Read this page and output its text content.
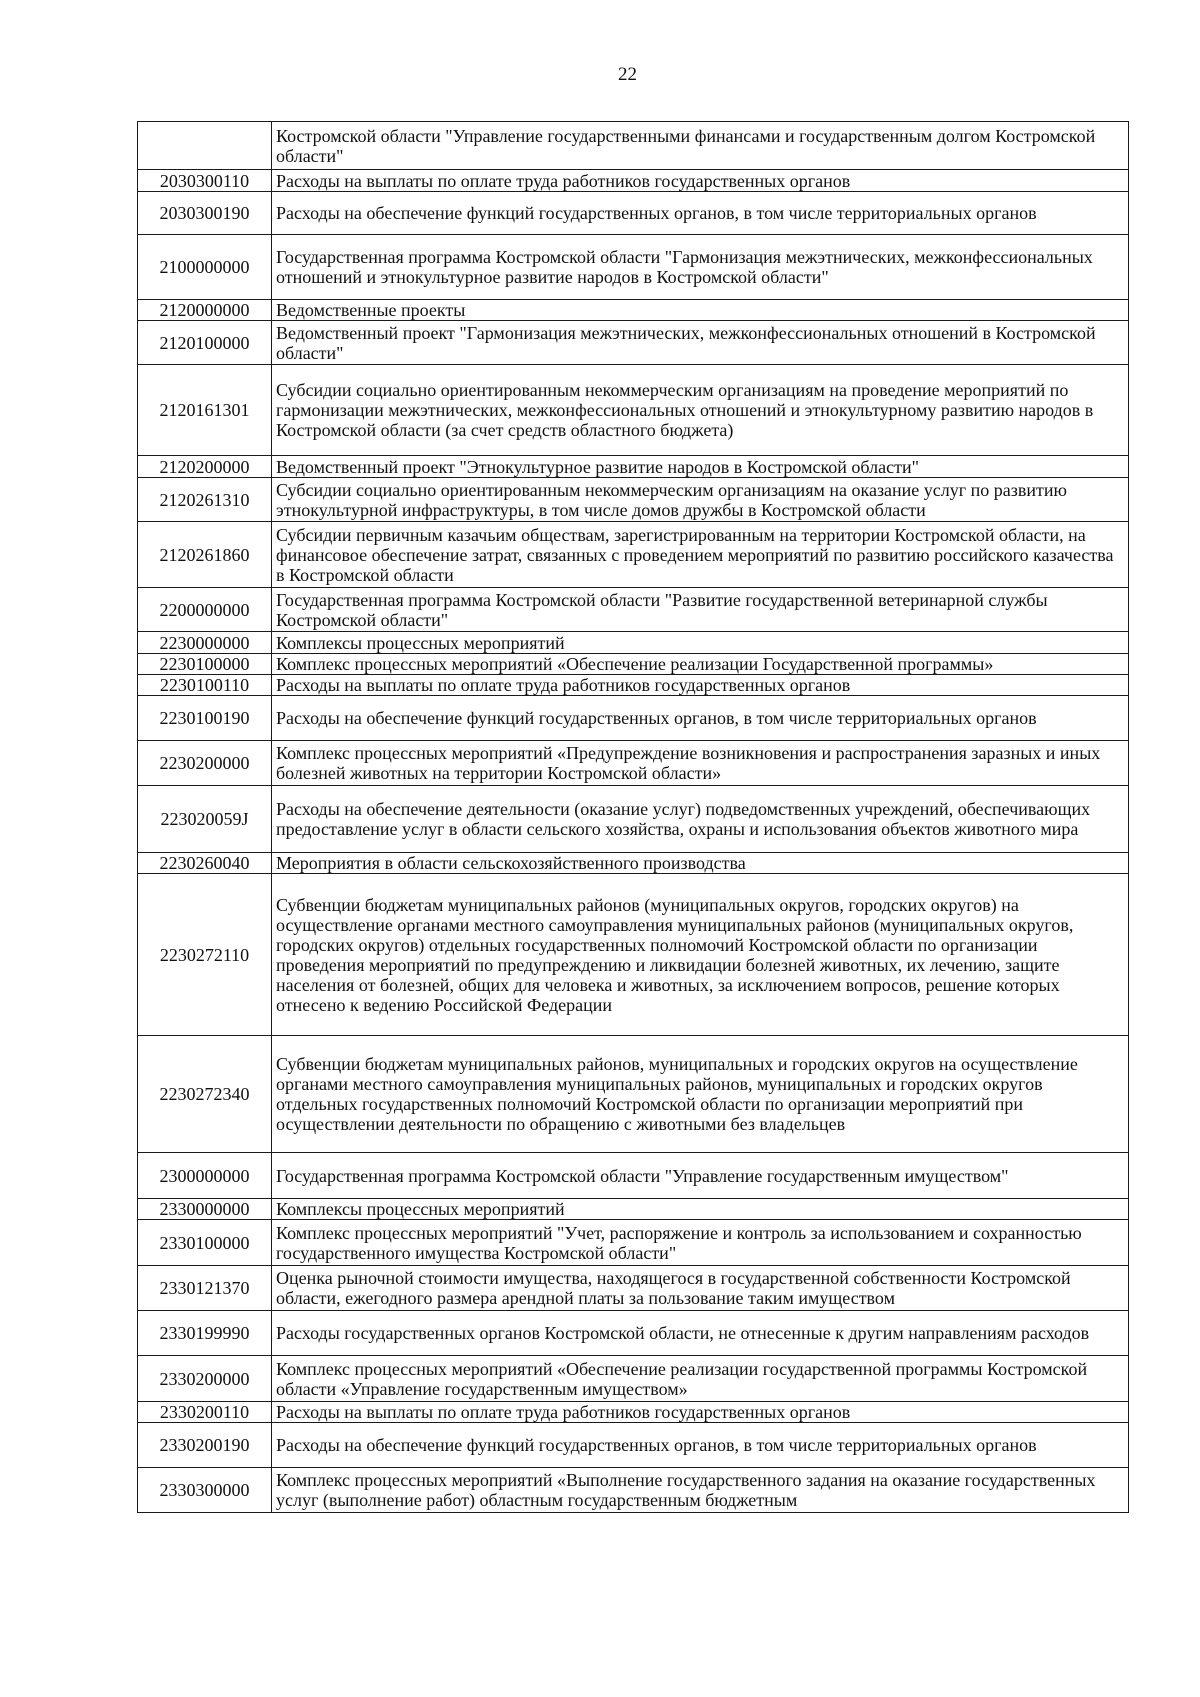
22
	Костромской области "Управление государственными финансами и государственным долгом Костромской области"
2030300110	Расходы на выплаты по оплате труда работников государственных органов
2030300190	Расходы на обеспечение функций государственных органов, в том числе территориальных органов
2100000000	Государственная программа Костромской области "Гармонизация межэтнических, межконфессиональных отношений и этнокультурное развитие народов в Костромской области"
2120000000	Ведомственные проекты
2120100000	Ведомственный проект "Гармонизация межэтнических, межконфессиональных отношений в Костромской области"
2120161301	Субсидии социально ориентированным некоммерческим организациям на проведение мероприятий по гармонизации межэтнических, межконфессиональных отношений и этнокультурному развитию народов в Костромской области (за счет средств областного бюджета)
2120200000	Ведомственный проект "Этнокультурное развитие народов в Костромской области"
2120261310	Субсидии социально ориентированным некоммерческим организациям на оказание услуг по развитию этнокультурной инфраструктуры, в том числе домов дружбы в Костромской области
2120261860	Субсидии первичным казачьим обществам, зарегистрированным на территории Костромской области, на финансовое обеспечение затрат, связанных с проведением мероприятий по развитию российского казачества в Костромской области
2200000000	Государственная программа Костромской области "Развитие государственной ветеринарной службы Костромской области"
2230000000	Комплексы процессных мероприятий
2230100000	Комплекс процессных мероприятий «Обеспечение реализации Государственной программы»
2230100110	Расходы на выплаты по оплате труда работников государственных органов
2230100190	Расходы на обеспечение функций государственных органов, в том числе территориальных органов
2230200000	Комплекс процессных мероприятий «Предупреждение возникновения и распространения заразных и иных болезней животных на территории Костромской области»
223020059J	Расходы на обеспечение деятельности (оказание услуг) подведомственных учреждений, обеспечивающих предоставление услуг в области сельского хозяйства, охраны и использования объектов животного мира
2230260040	Мероприятия в области сельскохозяйственного производства
2230272110	Субвенции бюджетам муниципальных районов (муниципальных округов, городских округов) на осуществление органами местного самоуправления муниципальных районов (муниципальных округов, городских округов) отдельных государственных полномочий Костромской области по организации проведения мероприятий по предупреждению и ликвидации болезней животных, их лечению, защите населения от болезней, общих для человека и животных, за исключением вопросов, решение которых отнесено к ведению Российской Федерации
2230272340	Субвенции бюджетам муниципальных районов, муниципальных и городских округов на осуществление органами местного самоуправления муниципальных районов, муниципальных и городских округов отдельных государственных полномочий Костромской области по организации мероприятий при осуществлении деятельности по обращению с животными без владельцев
2300000000	Государственная программа Костромской области "Управление государственным имуществом"
2330000000	Комплексы процессных мероприятий
2330100000	Комплекс процессных мероприятий "Учет, распоряжение и контроль за использованием и сохранностью государственного имущества Костромской области"
2330121370	Оценка рыночной стоимости имущества, находящегося в государственной собственности Костромской области, ежегодного размера арендной платы за пользование таким имуществом
2330199990	Расходы государственных органов Костромской области, не отнесенные к другим направлениям расходов
2330200000	Комплекс процессных мероприятий «Обеспечение реализации государственной программы Костромской области «Управление государственным имуществом»
2330200110	Расходы на выплаты по оплате труда работников государственных органов
2330200190	Расходы на обеспечение функций государственных органов, в том числе территориальных органов
2330300000	Комплекс процессных мероприятий «Выполнение государственного задания на оказание государственных услуг (выполнение работ) областным государственным бюджетным
